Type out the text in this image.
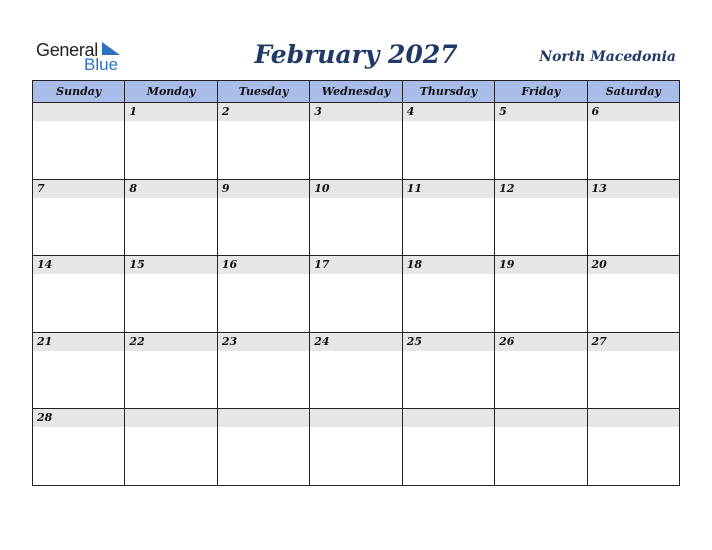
General
Blue	February 2027	North Macedonia
Sunday	Monday	Tuesday	Wednesday	Thursday	Friday	Saturday

	1	2	3	4	5	6

7	8	9	10	11	12	13

14	15	16	17	18	19	20

21	22	23	24	25	26	27

28						
